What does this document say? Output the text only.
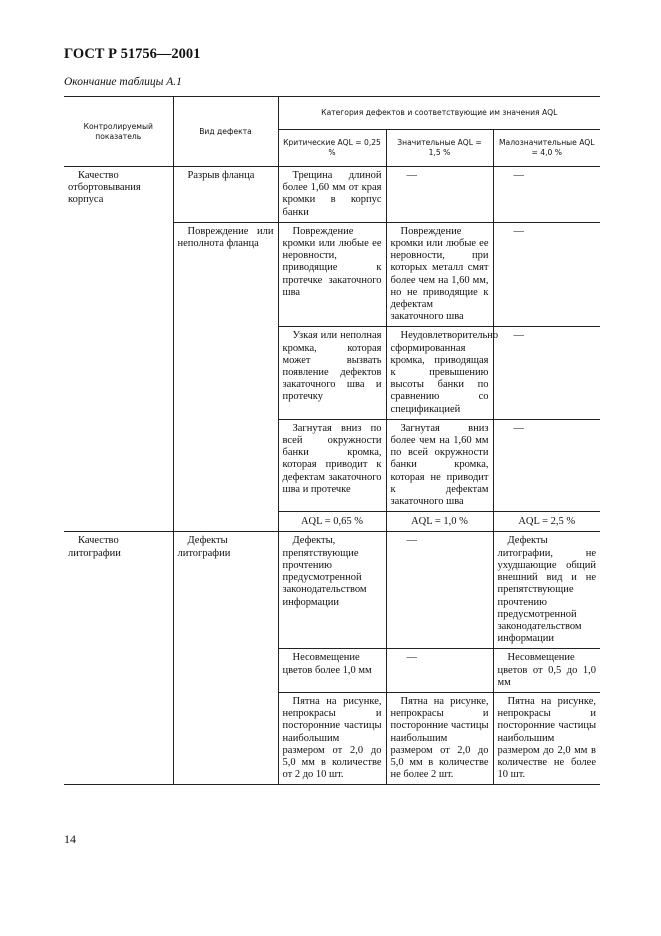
ГОСТ Р 51756—2001
Окончание таблицы А.1
Контролируемый показатель	Вид дефекта	Категория дефектов и соответствующие им значения AQL		
		Критические AQL = 0,25 %	Значительные AQL = 1,5 %	Малозначительные AQL = 4,0 %
Качество отбортовывания корпуса	Разрыв фланца	Трещина длиной более 1,60 мм от края кромки в корпус банки	—	—
	Повреждение или неполнота фланца	Повреждение кромки или любые ее неровности, приводящие к протечке закаточного шва	Повреждение кромки или любые ее неровности, при которых металл смят более чем на 1,60 мм, но не приводящие к дефектам закаточного шва	—
		Узкая или неполная кромка, которая может вызвать появление дефектов закаточного шва и протечку	Неудовлетворительно сформированная кромка, приводящая к превышению высоты банки по сравнению со спецификацией	—
		Загнутая вниз по всей окружности банки кромка, которая приводит к дефектам закаточного шва и протечке	Загнутая вниз более чем на 1,60 мм по всей окружности банки кромка, которая не приводит к дефектам закаточного шва	—
		AQL = 0,65 %	AQL = 1,0 %	AQL = 2,5 %
Качество литографии	Дефекты литографии	Дефекты, препятствующие прочтению предусмотренной законодательством информации	—	Дефекты литографии, не ухудшающие общий внешний вид и не препятствующие прочтению предусмотренной законодательством информации
		Несовмещение цветов более 1,0 мм	—	Несовмещение цветов от 0,5 до 1,0 мм
		Пятна на рисунке, непрокрасы и посторонние частицы наибольшим размером от 2,0 до 5,0 мм в количестве от 2 до 10 шт.	Пятна на рисунке, непрокрасы и посторонние частицы наибольшим размером от 2,0 до 5,0 мм в количестве не более 2 шт.	Пятна на рисунке, непрокрасы и посторонние частицы наибольшим размером до 2,0 мм в количестве не более 10 шт.
14
